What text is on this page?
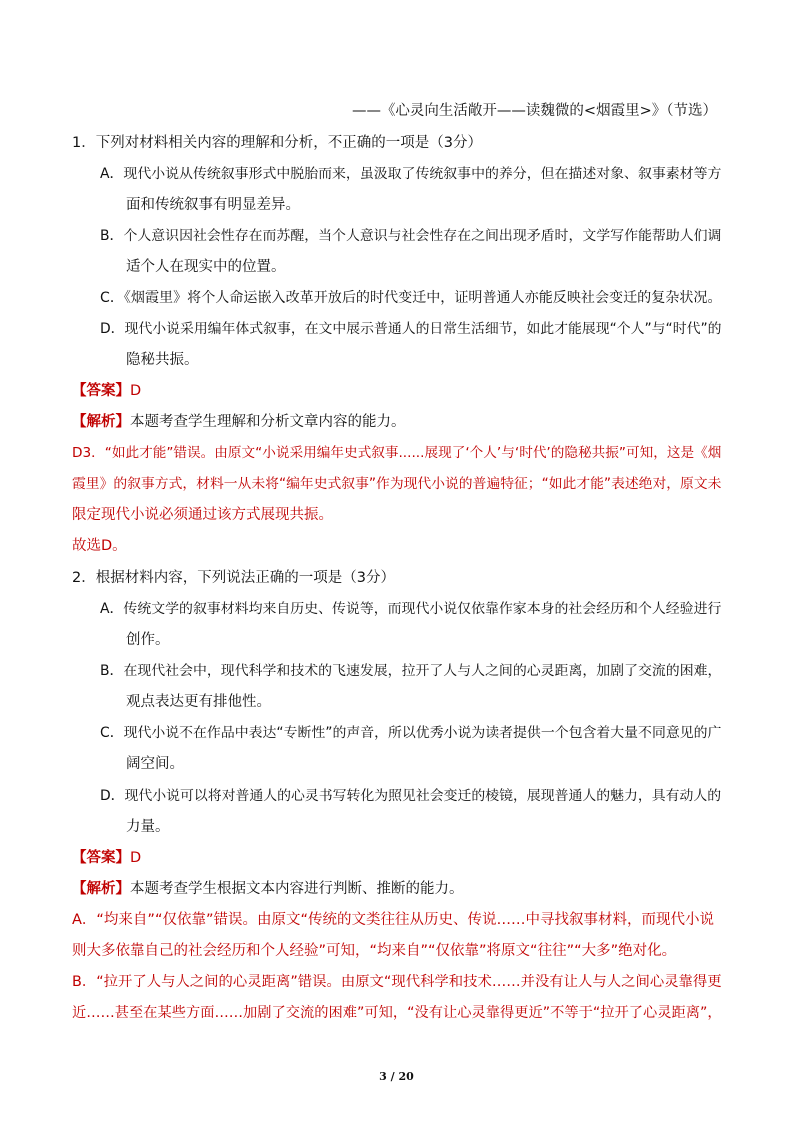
——《心灵向生活敞开——读魏微的<烟霞里>》（节选）
1．下列对材料相关内容的理解和分析，不正确的一项是（3分）
A．现代小说从传统叙事形式中脱胎而来，虽汲取了传统叙事中的养分，但在描述对象、叙事素材等方
面和传统叙事有明显差异。
B．个人意识因社会性存在而苏醒，当个人意识与社会性存在之间出现矛盾时，文学写作能帮助人们调
适个人在现实中的位置。
C．《烟霞里》将个人命运嵌入改革开放后的时代变迁中，证明普通人亦能反映社会变迁的复杂状况。
D．现代小说采用编年体式叙事，在文中展示普通人的日常生活细节，如此才能展现“个人”与“时代”的
隐秘共振。
【答案】D
【解析】本题考查学生理解和分析文章内容的能力。
D3．“如此才能”错误。由原文“小说采用编年史式叙事......展现了‘个人’与‘时代’的隐秘共振”可知，这是《烟
霞里》的叙事方式，材料一从未将“编年史式叙事”作为现代小说的普遍特征；“如此才能”表述绝对，原文未
限定现代小说必须通过该方式展现共振。
故选D。
2．根据材料内容，下列说法正确的一项是（3分）
A．传统文学的叙事材料均来自历史、传说等，而现代小说仅依靠作家本身的社会经历和个人经验进行
创作。
B．在现代社会中，现代科学和技术的飞速发展，拉开了人与人之间的心灵距离，加剧了交流的困难，
观点表达更有排他性。
C．现代小说不在作品中表达“专断性”的声音，所以优秀小说为读者提供一个包含着大量不同意见的广
阔空间。
D．现代小说可以将对普通人的心灵书写转化为照见社会变迁的棱镜，展现普通人的魅力，具有动人的
力量。
【答案】D
【解析】本题考查学生根据文本内容进行判断、推断的能力。
A．“均来自”“仅依靠”错误。由原文“传统的文类往往从历史、传说……中寻找叙事材料，而现代小说
则大多依靠自己的社会经历和个人经验”可知，“均来自”“仅依靠”将原文“往往”“大多”绝对化。
B．“拉开了人与人之间的心灵距离”错误。由原文“现代科学和技术……并没有让人与人之间心灵靠得更
近……甚至在某些方面……加剧了交流的困难”可知，“没有让心灵靠得更近”不等于“拉开了心灵距离”，
3 / 20
